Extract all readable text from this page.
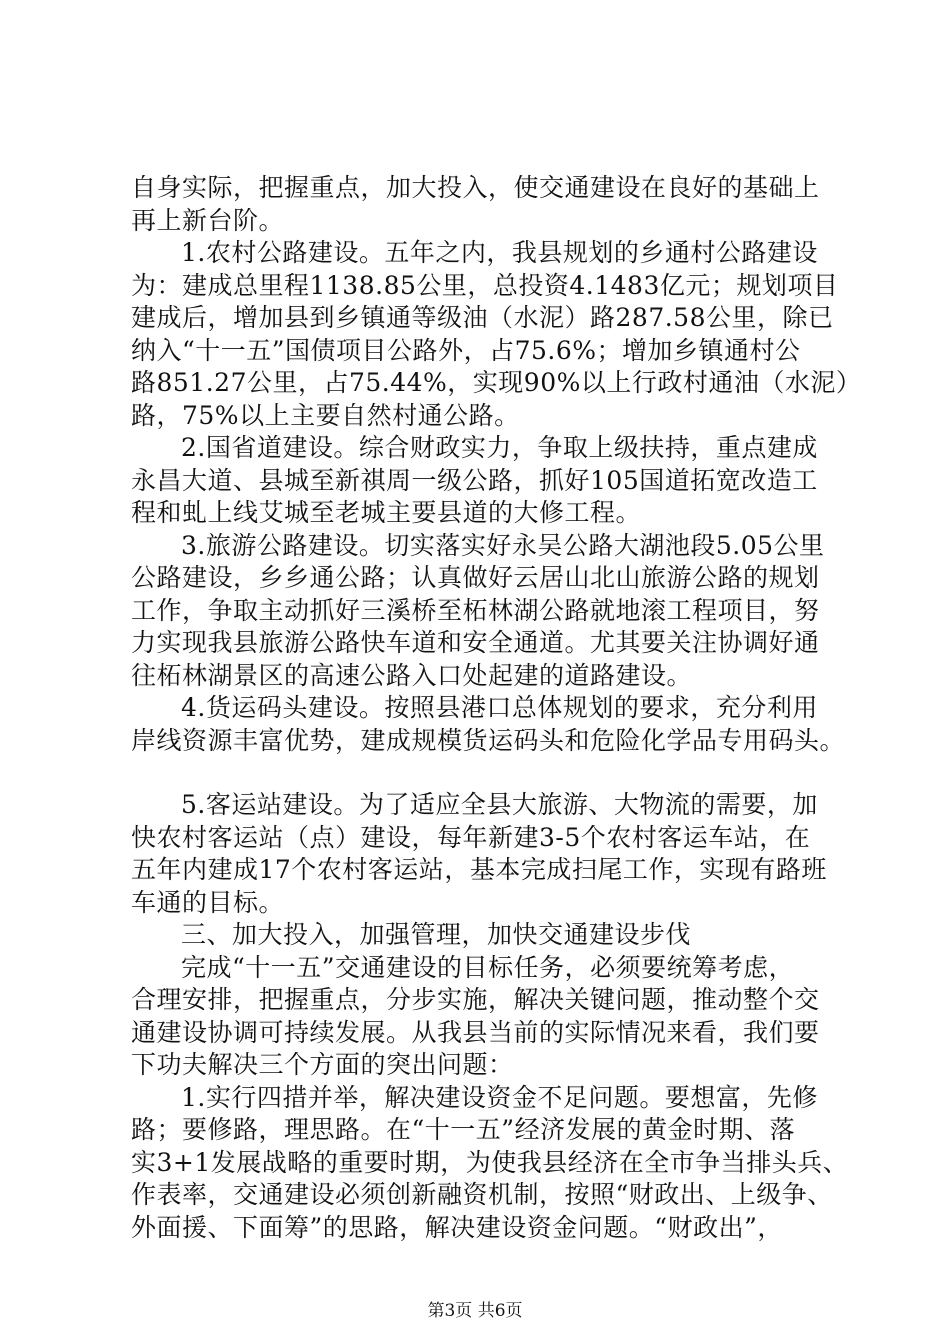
自身实际，把握重点，加大投入，使交通建设在良好的基础上

再上新台阶。

1.农村公路建设。五年之内，我县规划的乡通村公路建设

为：建成总里程1138.85公里，总投资4.1483亿元；规划项目

建成后，增加县到乡镇通等级油（水泥）路287.58公里，除已

纳入“十一五”国债项目公路外，占75.6%；增加乡镇通村公

路851.27公里，占75.44%，实现90%以上行政村通油（水泥）

路，75%以上主要自然村通公路。

2.国省道建设。综合财政实力，争取上级扶持，重点建成

永昌大道、县城至新祺周一级公路，抓好105国道拓宽改造工

程和虬上线艾城至老城主要县道的大修工程。

3.旅游公路建设。切实落实好永吴公路大湖池段5.05公里

公路建设，乡乡通公路；认真做好云居山北山旅游公路的规划

工作，争取主动抓好三溪桥至柘林湖公路就地滚工程项目，努

力实现我县旅游公路快车道和安全通道。尤其要关注协调好通

往柘林湖景区的高速公路入口处起建的道路建设。

4.货运码头建设。按照县港口总体规划的要求，充分利用

岸线资源丰富优势，建成规模货运码头和危险化学品专用码头。

5.客运站建设。为了适应全县大旅游、大物流的需要，加

快农村客运站（点）建设，每年新建3-5个农村客运车站，在

五年内建成17个农村客运站，基本完成扫尾工作，实现有路班

车通的目标。

三、加大投入，加强管理，加快交通建设步伐

完成“十一五”交通建设的目标任务，必须要统筹考虑，

合理安排，把握重点，分步实施，解决关键问题，推动整个交

通建设协调可持续发展。从我县当前的实际情况来看，我们要

下功夫解决三个方面的突出问题：

1.实行四措并举，解决建设资金不足问题。要想富，先修

路；要修路，理思路。在“十一五”经济发展的黄金时期、落

实3+1发展战略的重要时期，为使我县经济在全市争当排头兵、

作表率，交通建设必须创新融资机制，按照“财政出、上级争、

外面援、下面筹”的思路，解决建设资金问题。“财政出”，

第3页 共6页
